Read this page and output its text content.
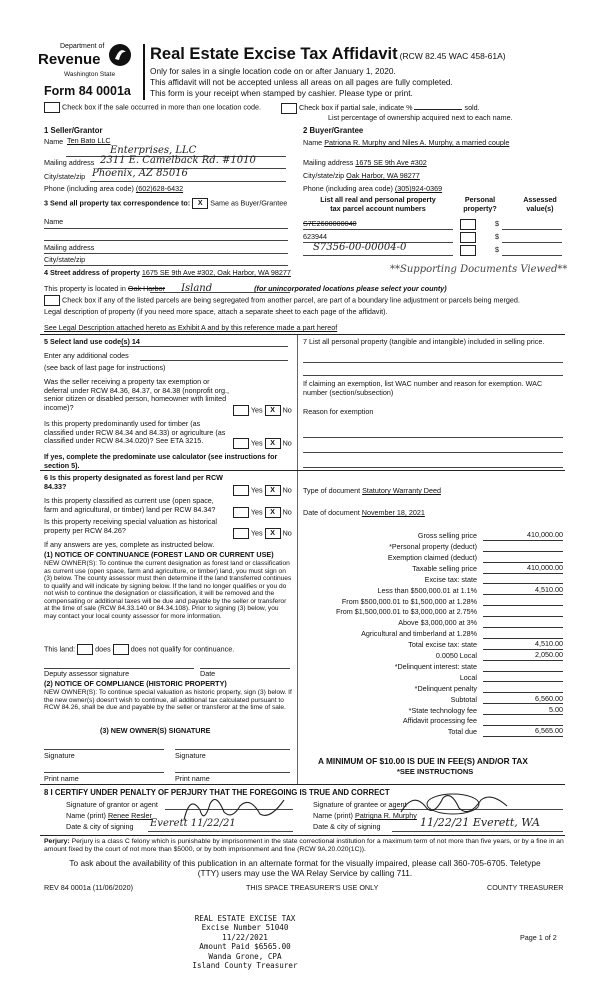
Department of
Revenue
Washington State
Form 84 0001a
Real Estate Excise Tax Affidavit (RCW 82.45 WAC 458-61A)
Only for sales in a single location code on or after January 1, 2020.
This affidavit will not be accepted unless all areas on all pages are fully completed.
This form is your receipt when stamped by cashier. Please type or print.
Check box if the sale occurred in more than one location code.	Check box if partial sale, indicate %	sold.
List percentage of ownership acquired next to each name.
1 Seller/Grantor
Name Ten Bato LLC
Enterprises, LLC
Mailing address 2311 E. Camelback Rd. #1010
City/state/zip Phoenix, AZ 85016
Phone (including area code) (602)628-6432
2 Buyer/Grantee
Name Patriona R. Murphy and Niles A. Murphy, a married couple
Mailing address 1675 SE 9th Ave #302
City/state/zip Oak Harbor, WA 98277
Phone (including area code) (305)924-0369
3 Send all property tax correspondence to: X Same as Buyer/Grantee
Name
Mailing address
City/state/zip
List all real and personal property
tax parcel account numbers
Personal property?
Assessed value(s)
S7E2600000040	$
623944	$
S7356-00-00004-0	$
4 Street address of property 1675 SE 9th Ave #302, Oak Harbor, WA 98277	**Supporting Documents Viewed**
This property is located in Oak Harbor Island	(for unincorporated locations please select your county)
Check box if any of the listed parcels are being segregated from another parcel, are part of a boundary line adjustment or parcels being merged.
Legal description of property (if you need more space, attach a separate sheet to each page of the affidavit).
See Legal Description attached hereto as Exhibit A and by this reference made a part hereof
5 Select land use code(s) 14
Enter any additional codes
(see back of last page for instructions)
Was the seller receiving a property tax exemption or deferral under RCW 84.36, 84.37, or 84.38 (nonprofit org., senior citizen or disabled person, homeowner with limited income)?	Yes X No
Is this property predominantly used for timber (as classified under RCW 84.34 and 84.33) or agriculture (as classified under RCW 84.34.020)? See ETA 3215.	Yes X No
If yes, complete the predominate use calculator (see instructions for section 5).
7 List all personal property (tangible and intangible) included in selling price.
If claiming an exemption, list WAC number and reason for exemption. WAC number (section/subsection)
Reason for exemption
6 Is this property designated as forest land per RCW 84.33?	Yes X No
Is this property classified as current use (open space, farm and agricultural, or timber) land per RCW 84.34?	Yes X No
Is this property receiving special valuation as historical property per RCW 84.26?	Yes X No
If any answers are yes, complete as instructed below.
(1) NOTICE OF CONTINUANCE (FOREST LAND OR CURRENT USE)
NEW OWNER(S): To continue the current designation as forest land or classification as current use (open space, farm and agriculture, or timber) land, you must sign on (3) below. The county assessor must then determine if the land transferred continues to qualify and will indicate by signing below. If the land no longer qualifies or you do not wish to continue the designation or classification, it will be removed and the compensating or additional taxes will be due and payable by the seller or transferor at the time of sale (RCW 84.33.140 or 84.34.108). Prior to signing (3) below, you may contact your local county assessor for more information.
This land:	does	does not qualify for continuance.
Deputy assessor signature	Date
(2) NOTICE OF COMPLIANCE (HISTORIC PROPERTY)
NEW OWNER(S): To continue special valuation as historic property, sign (3) below. If the new owner(s) doesn't wish to continue, all additional tax calculated pursuant to RCW 84.26, shall be due and payable by the seller or transferor at the time of sale.
(3) NEW OWNER(S) SIGNATURE
Signature	Signature
Print name	Print name
Type of document Statutory Warranty Deed
Date of document November 18, 2021
Gross selling price	410,000.00
*Personal property (deduct)
Exemption claimed (deduct)
Taxable selling price	410,000.00
Excise tax: state
Less than $500,000.01 at 1.1%	4,510.00
From $500,000.01 to $1,500,000 at 1.28%
From $1,500,000.01 to $3,000,000 at 2.75%
Above $3,000,000 at 3%
Agricultural and timberland at 1.28%
Total excise tax: state	4,510.00
0.0050 Local	2,050.00
*Delinquent interest: state
Local
*Delinquent penalty
Subtotal	6,560.00
*State technology fee	5.00
Affidavit processing fee
Total due	6,565.00
A MINIMUM OF $10.00 IS DUE IN FEE(S) AND/OR TAX
*SEE INSTRUCTIONS
8 I CERTIFY UNDER PENALTY OF PERJURY THAT THE FOREGOING IS TRUE AND CORRECT
Signature of grantor or agent
Name (print) Renee Resler
Date & city of signing Everett 11/22/21
Signature of grantee or agent
Name (print) Patrigna R. Murphy
Date & city of signing	11/22/21 Everett, WA
Perjury: Perjury is a class C felony which is punishable by imprisonment in the state correctional institution for a maximum term of not more than five years, or by a fine in an amount fixed by the court of not more than $5000, or by both imprisonment and fine (RCW 9A.20.020(1C)).
To ask about the availability of this publication in an alternate format for the visually impaired, please call 360-705-6705. Teletype (TTY) users may use the WA Relay Service by calling 711.
REV 84 0001a (11/06/2020)	THIS SPACE TREASURER'S USE ONLY	COUNTY TREASURER
REAL ESTATE EXCISE TAX
Excise Number 51040
11/22/2021
Amount Paid $6565.00
Wanda Grone, CPA
Island County Treasurer
Page 1 of 2
